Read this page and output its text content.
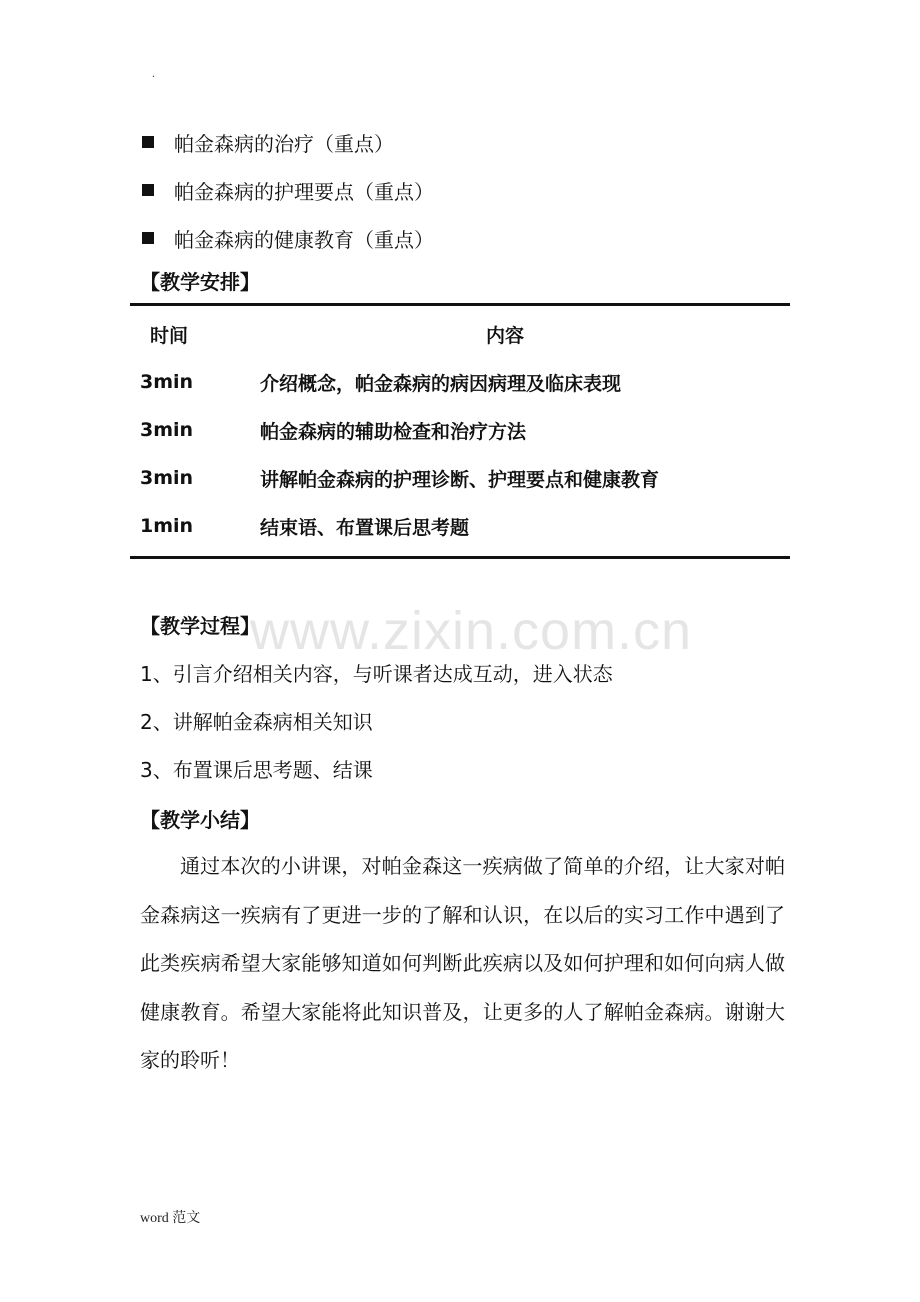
.
帕金森病的治疗（重点）
帕金森病的护理要点（重点）
帕金森病的健康教育（重点）
【教学安排】
时间	内容
3min	介绍概念，帕金森病的病因病理及临床表现
3min	帕金森病的辅助检查和治疗方法
3min	讲解帕金森病的护理诊断、护理要点和健康教育
1min	结束语、布置课后思考题
【教学过程】
1、引言介绍相关内容，与听课者达成互动，进入状态
2、讲解帕金森病相关知识
3、布置课后思考题、结课
【教学小结】

通过本次的小讲课，对帕金森这一疾病做了简单的介绍，让大家对帕金森病这一疾病有了更进一步的了解和认识，在以后的实习工作中遇到了此类疾病希望大家能够知道如何判断此疾病以及如何护理和如何向病人做健康教育。希望大家能将此知识普及，让更多的人了解帕金森病。谢谢大家的聆听！

www.zixin.com.cn
word 范文
